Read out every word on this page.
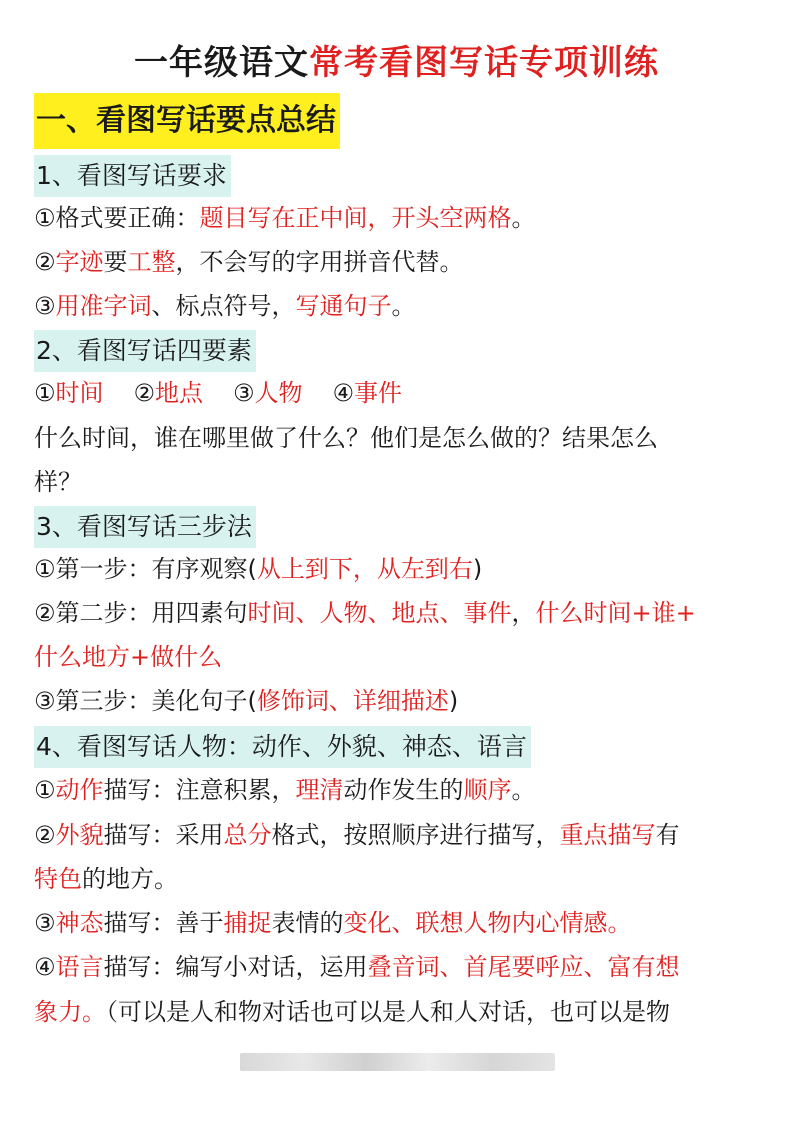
一年级语文常考看图写话专项训练
一、看图写话要点总结
1、看图写话要求
①格式要正确：题目写在正中间，开头空两格。
②字迹要工整，不会写的字用拼音代替。
③用准字词、标点符号，写通句子。
2、看图写话四要素
①时间 ②地点 ③人物 ④事件
什么时间，谁在哪里做了什么？他们是怎么做的？结果怎么
样？
3、看图写话三步法
①第一步：有序观察(从上到下，从左到右)
②第二步：用四素句时间、人物、地点、事件，什么时间+谁+
什么地方+做什么
③第三步：美化句子(修饰词、详细描述)
4、看图写话人物：动作、外貌、神态、语言
①动作描写：注意积累，理清动作发生的顺序。
②外貌描写：采用总分格式，按照顺序进行描写，重点描写有
特色的地方。
③神态描写：善于捕捉表情的变化、联想人物内心情感。
④语言描写：编写小对话，运用叠音词、首尾要呼应、富有想
象力。（可以是人和物对话也可以是人和人对话，也可以是物
